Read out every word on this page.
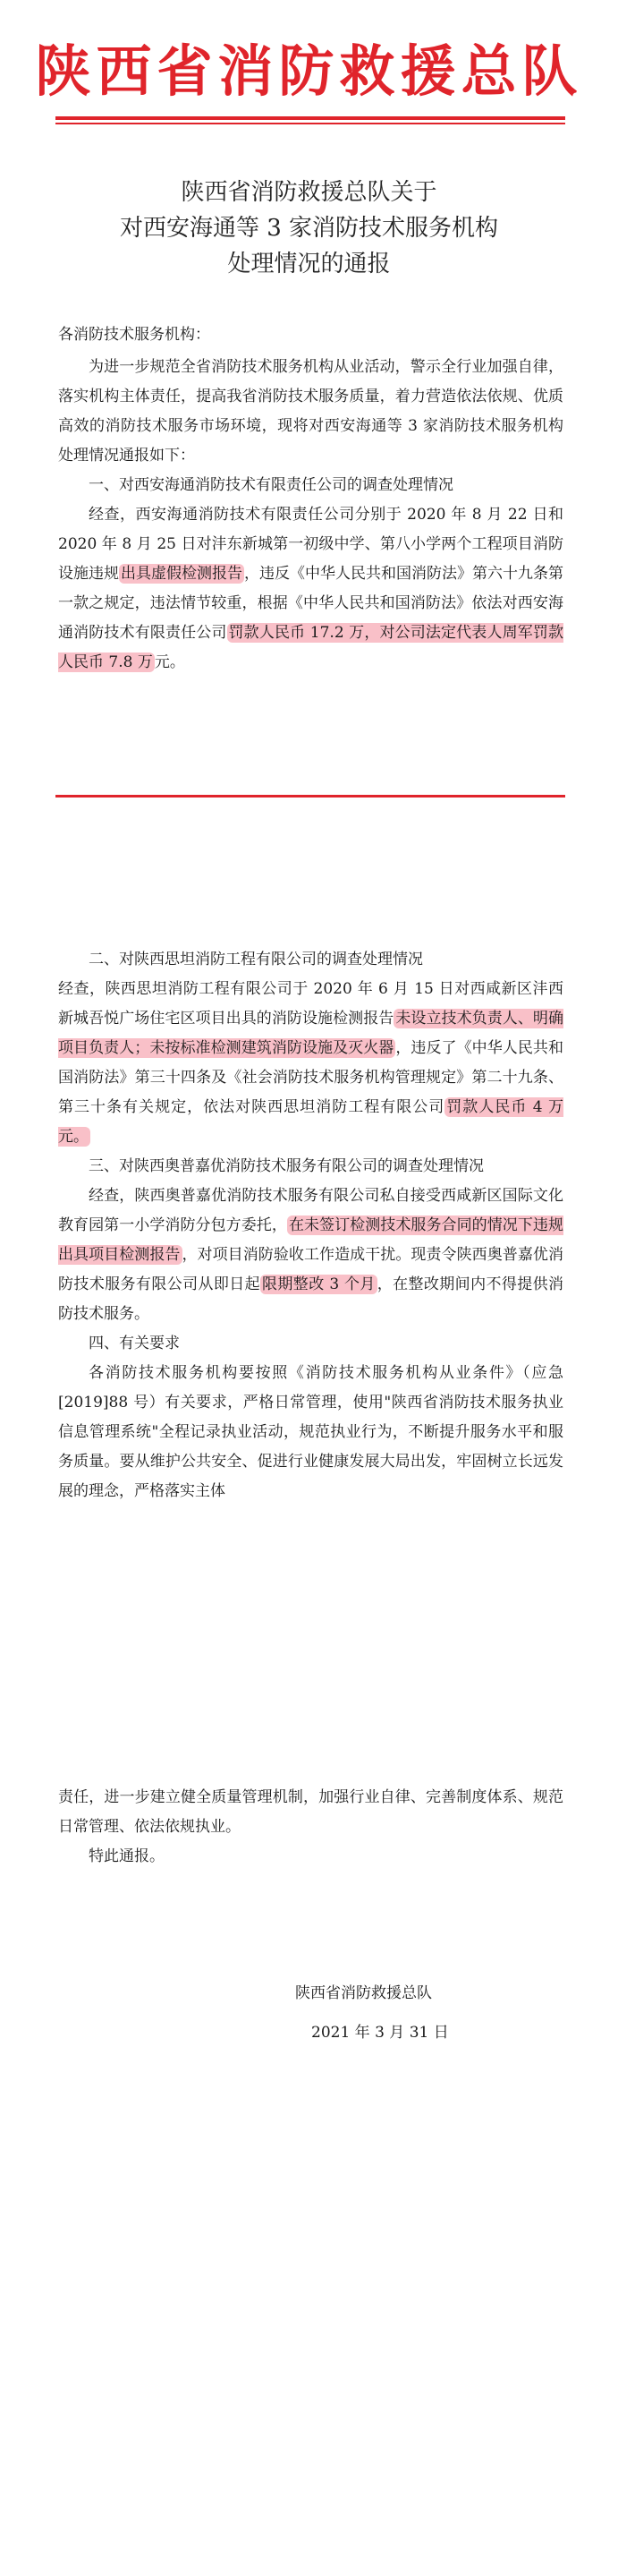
陕西省消防救援总队
陕西省消防救援总队关于
对西安海通等 3 家消防技术服务机构
处理情况的通报

各消防技术服务机构：

为进一步规范全省消防技术服务机构从业活动，警示全行业加强自律，落实机构主体责任，提高我省消防技术服务质量，着力营造依法依规、优质高效的消防技术服务市场环境，现将对西安海通等 3 家消防技术服务机构处理情况通报如下：

一、对西安海通消防技术有限责任公司的调查处理情况

经查，西安海通消防技术有限责任公司分别于 2020 年 8 月 22 日和 2020 年 8 月 25 日对沣东新城第一初级中学、第八小学两个工程项目消防设施违规 出具虚假检测报告 ，违反《中华人民共和国消防法》第六十九条第一款之规定，违法情节较重，根据《中华人民共和国消防法》依法对西安海通消防技术有限责任公司 罚款人民币 17.2 万，对公司法定代表人周军罚款人民币 7.8 万 元。

二、对陕西思坦消防工程有限公司的调查处理情况

经查，陕西思坦消防工程有限公司于 2020 年 6 月 15 日对西咸新区沣西新城吾悦广场住宅区项目出具的消防设施检测报告 未设立技术负责人、明确项目负责人；未按标准检测建筑消防设施及灭火器 ，违反了《中华人民共和国消防法》第三十四条及《社会消防技术服务机构管理规定》第二十九条、第三十条有关规定，依法对陕西思坦消防工程有限公司 罚款人民币 4 万元。

三、对陕西奥普嘉优消防技术服务有限公司的调查处理情况

经查，陕西奥普嘉优消防技术服务有限公司私自接受西咸新区国际文化教育园第一小学消防分包方委托， 在未签订检测技术服务合同的情况下违规出具项目检测报告 ，对项目消防验收工作造成干扰。现责令陕西奥普嘉优消防技术服务有限公司从即日起 限期整改 3 个月 ，在整改期间内不得提供消防技术服务。

四、有关要求

各消防技术服务机构要按照《消防技术服务机构从业条件》（应急[2019]88 号）有关要求，严格日常管理，使用"陕西省消防技术服务执业信息管理系统"全程记录执业活动，规范执业行为，不断提升服务水平和服务质量。要从维护公共安全、促进行业健康发展大局出发，牢固树立长远发展的理念，严格落实主体

责任，进一步建立健全质量管理机制，加强行业自律、完善制度体系、规范日常管理、依法依规执业。

特此通报。

陕西省消防救援总队
2021 年 3 月 31 日
